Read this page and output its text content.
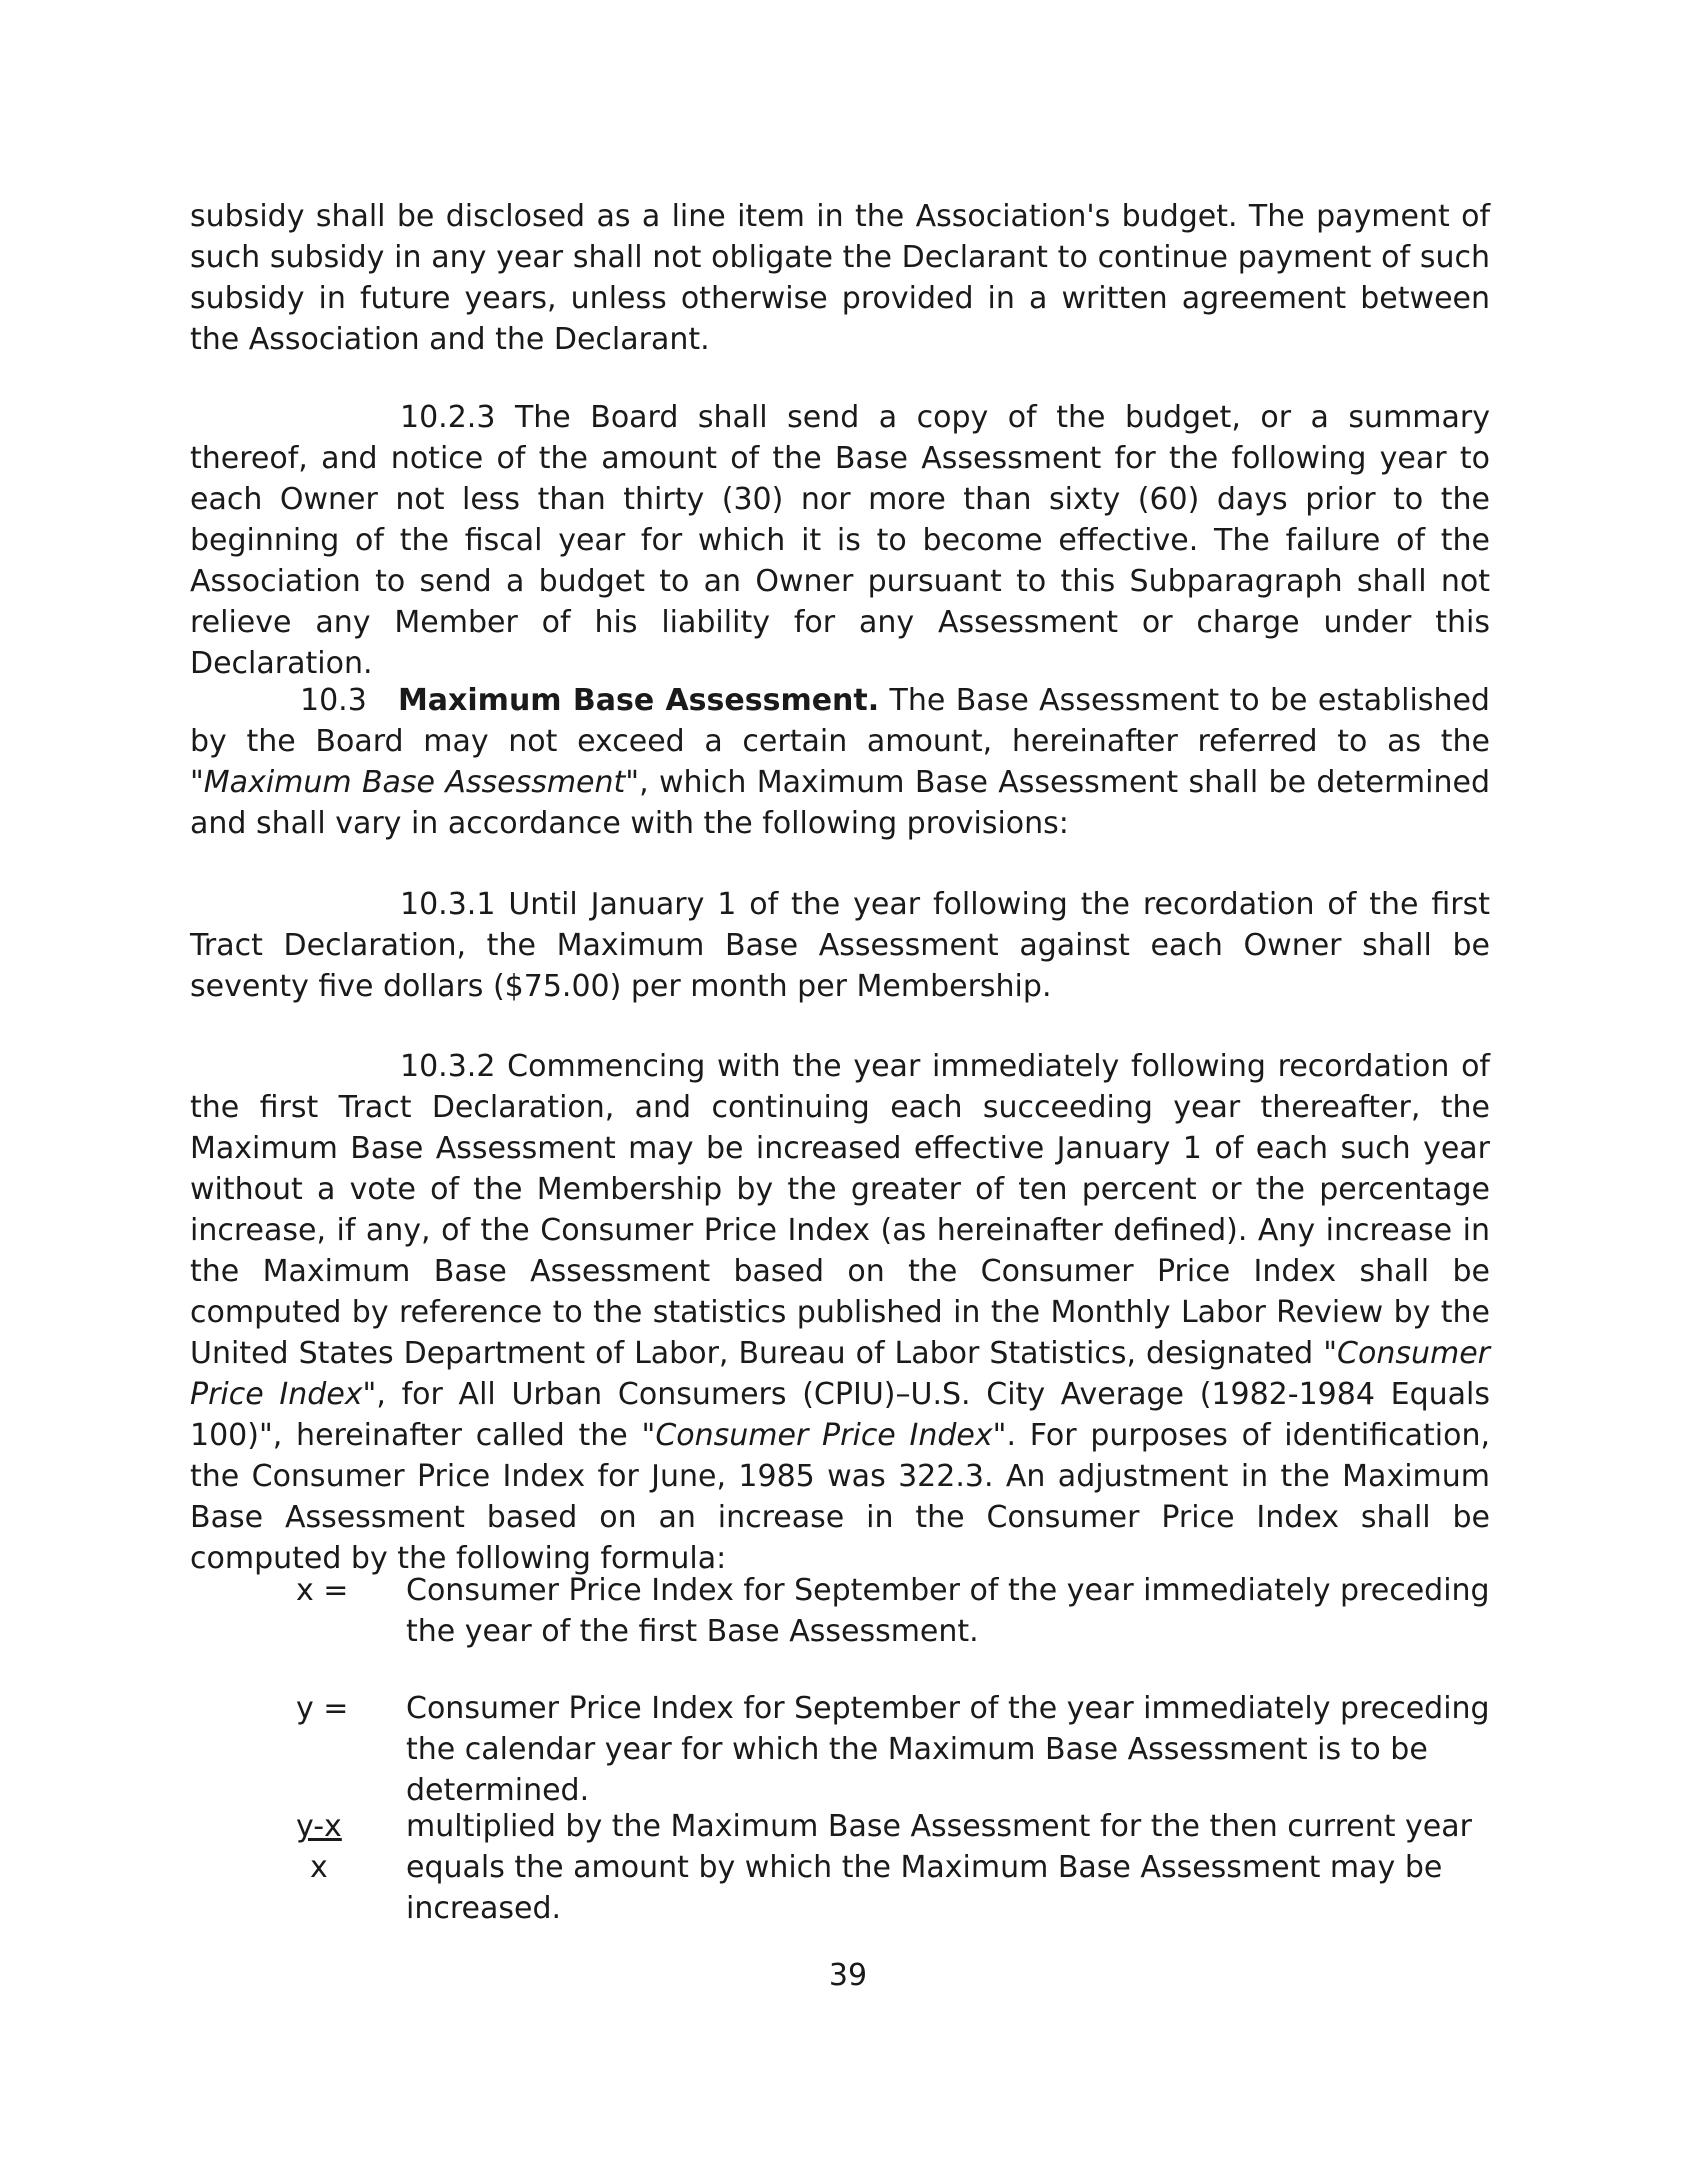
subsidy shall be disclosed as a line item in the Association's budget. The payment of such subsidy in any year shall not obligate the Declarant to continue payment of such subsidy in future years, unless otherwise provided in a written agreement between the Association and the Declarant.

10.2.3 The Board shall send a copy of the budget, or a summary thereof, and notice of the amount of the Base Assessment for the following year to each Owner not less than thirty (30) nor more than sixty (60) days prior to the beginning of the fiscal year for which it is to become effective. The failure of the Association to send a budget to an Owner pursuant to this Subparagraph shall not relieve any Member of his liability for any Assessment or charge under this Declaration.

10.3 Maximum Base Assessment. The Base Assessment to be established by the Board may not exceed a certain amount, hereinafter referred to as the "Maximum Base Assessment", which Maximum Base Assessment shall be determined and shall vary in accordance with the following provisions:

10.3.1 Until January 1 of the year following the recordation of the first Tract Declaration, the Maximum Base Assessment against each Owner shall be seventy five dollars ($75.00) per month per Membership.

10.3.2 Commencing with the year immediately following recordation of the first Tract Declaration, and continuing each succeeding year thereafter, the Maximum Base Assessment may be increased effective January 1 of each such year without a vote of the Membership by the greater of ten percent or the percentage increase, if any, of the Consumer Price Index (as hereinafter defined). Any increase in the Maximum Base Assessment based on the Consumer Price Index shall be computed by reference to the statistics published in the Monthly Labor Review by the United States Department of Labor, Bureau of Labor Statistics, designated "Consumer Price Index", for All Urban Consumers (CPIU)–U.S. City Average (1982-1984 Equals 100)", hereinafter called the "Consumer Price Index". For purposes of identification, the Consumer Price Index for June, 1985 was 322.3. An adjustment in the Maximum Base Assessment based on an increase in the Consumer Price Index shall be computed by the following formula:

x =	Consumer Price Index for September of the year immediately preceding the year of the first Base Assessment.
y =	Consumer Price Index for September of the year immediately preceding the calendar year for which the Maximum Base Assessment is to be determined.
$\frac{y-x}{x}$ multiplied by the Maximum Base Assessment for the then current year equals the amount by which the Maximum Base Assessment may be increased.
39
